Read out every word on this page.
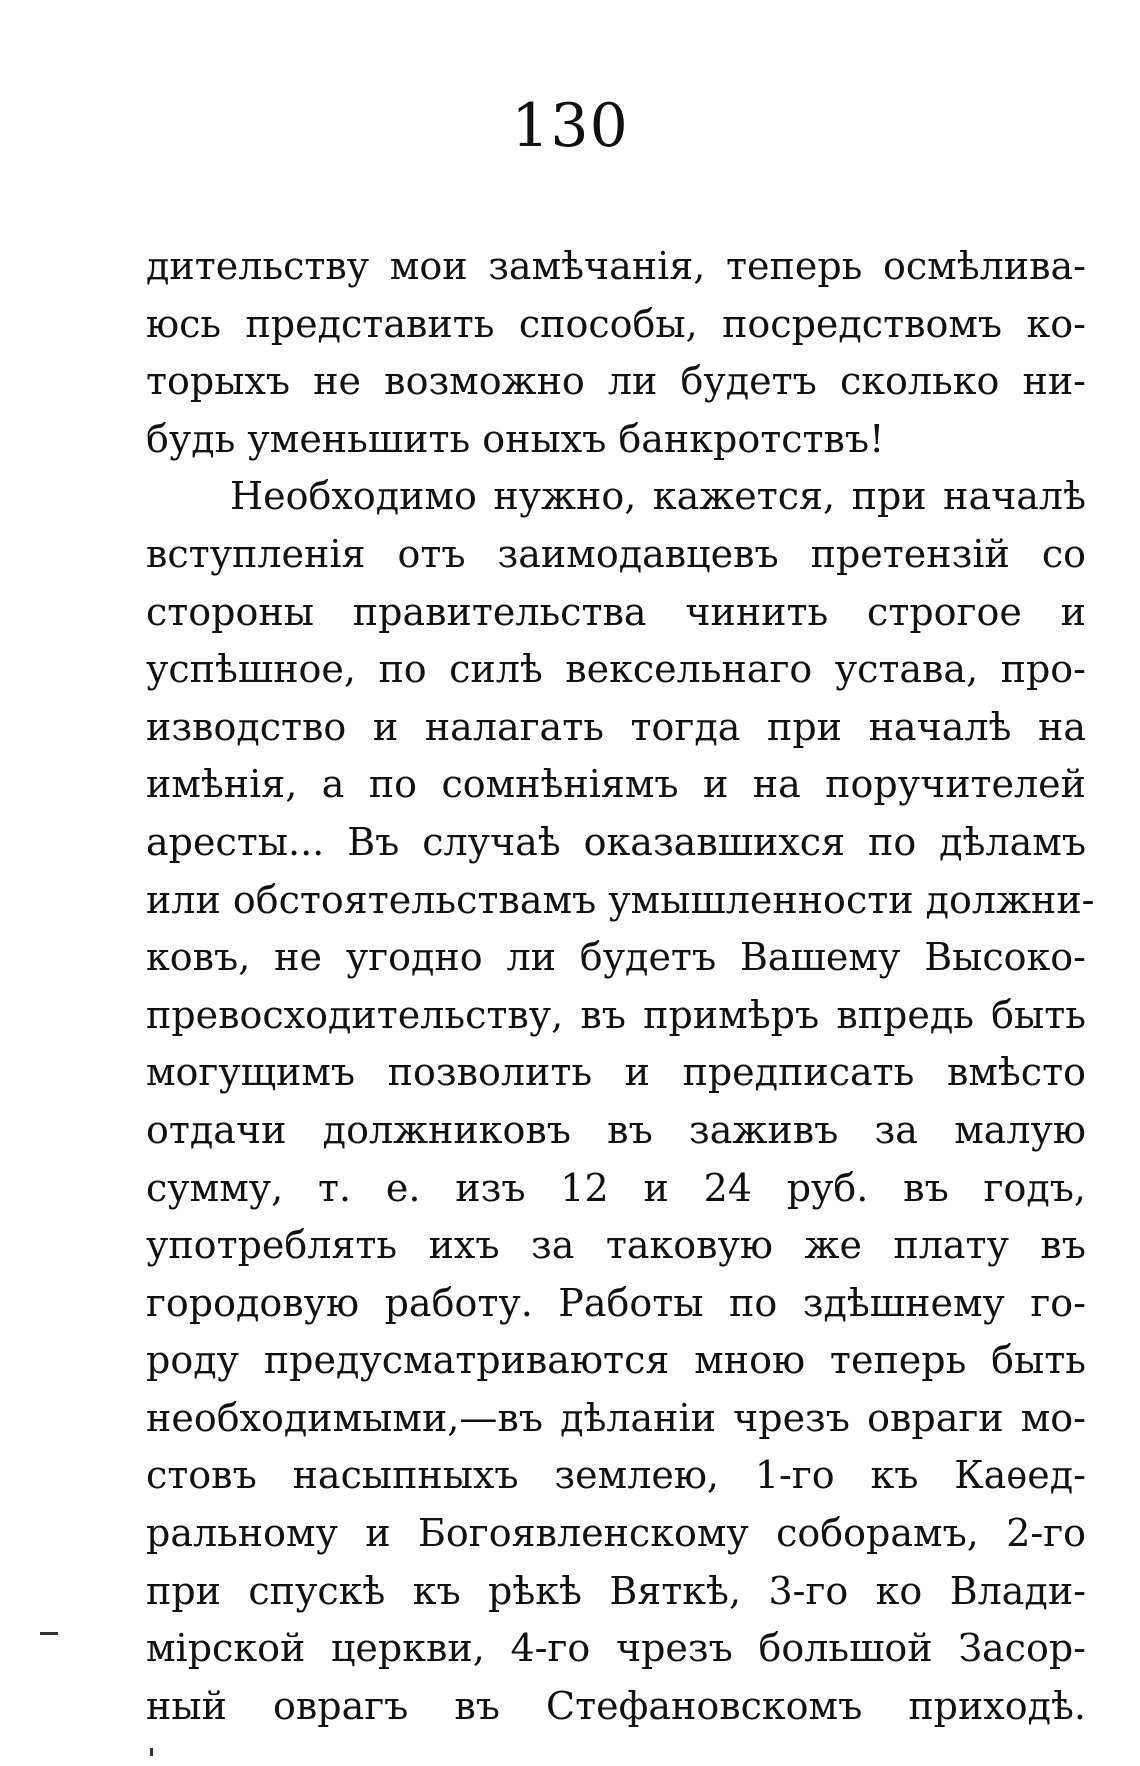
130
дительству мои замѣчанія, теперь осмѣлива-
юсь представить способы, посредствомъ ко-
торыхъ не возможно ли будетъ сколько ни-
будь уменьшить оныхъ банкротствъ!
Необходимо нужно, кажется, при началѣ
вступленія отъ заимодавцевъ претензій со
стороны правительства чинить строгое и
успѣшное, по силѣ вексельнаго устава, про-
изводство и налагать тогда при началѣ на
имѣнія, а по сомнѣніямъ и на поручителей
аресты... Въ случаѣ оказавшихся по дѣламъ
или обстоятельствамъ умышленности должни-
ковъ, не угодно ли будетъ Вашему Высоко-
превосходительству, въ примѣръ впредь быть
могущимъ позволить и предписать вмѣсто
отдачи должниковъ въ заживъ за малую
сумму, т. е. изъ 12 и 24 руб. въ годъ,
употреблять ихъ за таковую же плату въ
городовую работу. Работы по здѣшнему го-
роду предусматриваются мною теперь быть
необходимыми,—въ дѣланіи чрезъ овраги мо-
стовъ насыпныхъ землею, 1-го къ Каѳед-
ральному и Богоявленскому соборамъ, 2-го
при спускѣ къ рѣкѣ Вяткѣ, 3-го ко Влади-
мірской церкви, 4-го чрезъ большой Засор-
ный оврагъ въ Стефановскомъ приходѣ.
